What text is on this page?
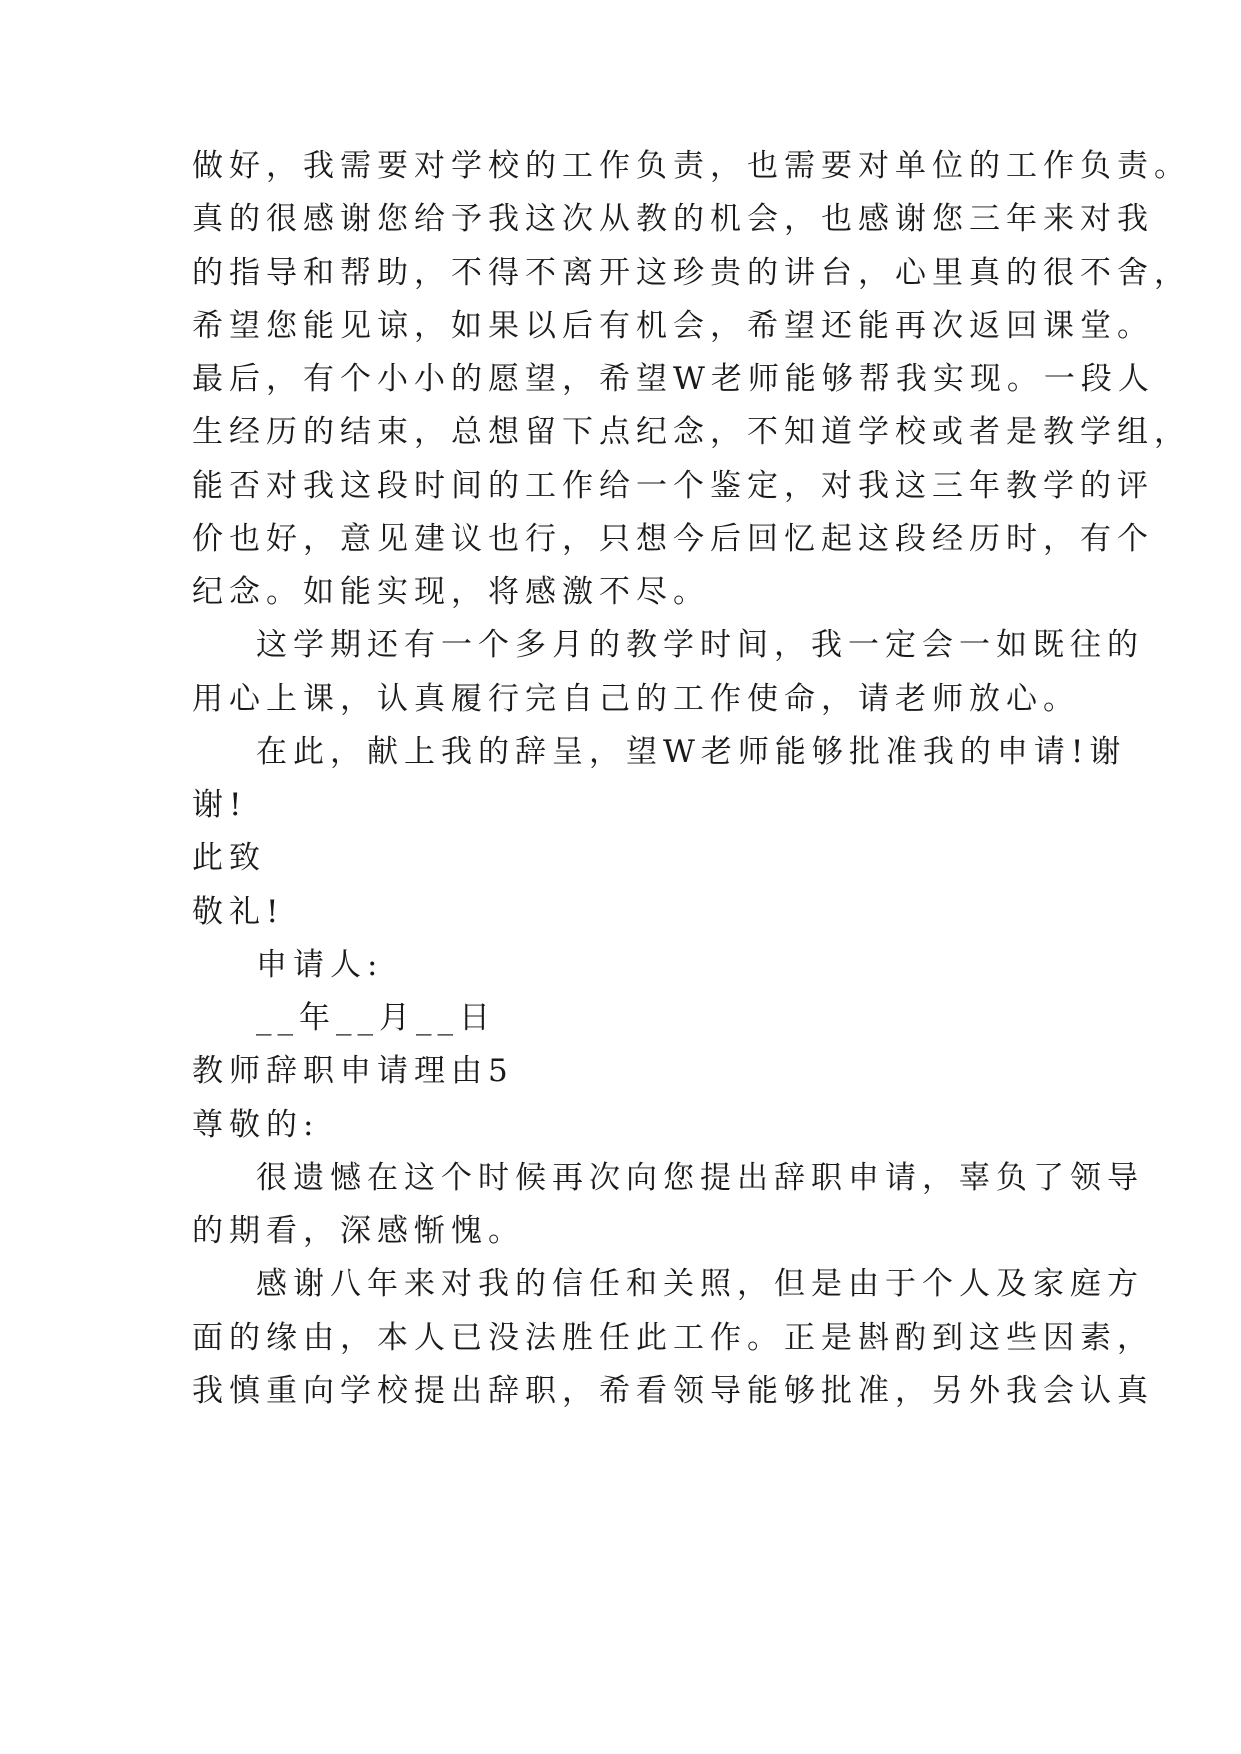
做好，我需要对学校的工作负责，也需要对单位的工作负责。
真的很感谢您给予我这次从教的机会，也感谢您三年来对我
的指导和帮助，不得不离开这珍贵的讲台，心里真的很不舍，
希望您能见谅，如果以后有机会，希望还能再次返回课堂。
最后，有个小小的愿望，希望W老师能够帮我实现。一段人
生经历的结束，总想留下点纪念，不知道学校或者是教学组，
能否对我这段时间的工作给一个鉴定，对我这三年教学的评
价也好，意见建议也行，只想今后回忆起这段经历时，有个
纪念。如能实现，将感激不尽。
这学期还有一个多月的教学时间，我一定会一如既往的
用心上课，认真履行完自己的工作使命，请老师放心。
在此，献上我的辞呈，望W老师能够批准我的申请!谢
谢!
此致
敬礼!
申请人:
__年__月__日
教师辞职申请理由5
尊敬的:
很遗憾在这个时候再次向您提出辞职申请，辜负了领导
的期看，深感惭愧。
感谢八年来对我的信任和关照，但是由于个人及家庭方
面的缘由，本人已没法胜任此工作。正是斟酌到这些因素，
我慎重向学校提出辞职，希看领导能够批准，另外我会认真
